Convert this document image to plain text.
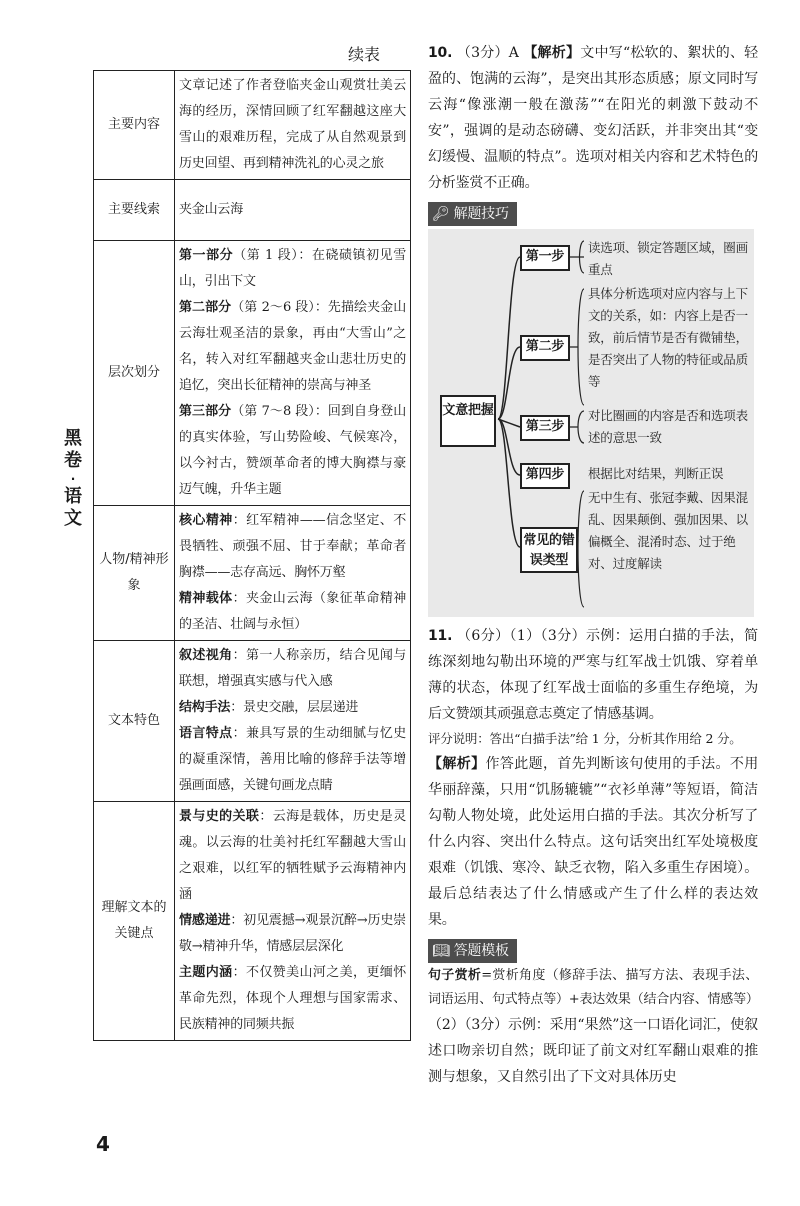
续表
黑
卷
·
语
文
主要内容	文章记述了作者登临夹金山观赏壮美云海的经历，深情回顾了红军翻越这座大雪山的艰难历程，完成了从自然观景到历史回望、再到精神洗礼的心灵之旅
主要线索	夹金山云海
层次划分	第一部分（第 1 段）：在硗碛镇初见雪山，引出下文
第二部分（第 2～6 段）：先描绘夹金山云海壮观圣洁的景象，再由“大雪山”之名，转入对红军翻越夹金山悲壮历史的追忆，突出长征精神的崇高与神圣
第三部分（第 7～8 段）：回到自身登山的真实体验，写山势险峻、气候寒冷，以今衬古，赞颂革命者的博大胸襟与豪迈气魄，升华主题

人物/精神形象	核心精神：红军精神——信念坚定、不畏牺牲、顽强不屈、甘于奉献；革命者胸襟——志存高远、胸怀万壑
精神载体：夹金山云海（象征革命精神的圣洁、壮阔与永恒）

文本特色	叙述视角：第一人称亲历，结合见闻与联想，增强真实感与代入感
结构手法：景史交融，层层递进
语言特点：兼具写景的生动细腻与忆史的凝重深情，善用比喻的修辞手法等增强画面感，关键句画龙点睛

理解文本的关键点	景与史的关联：云海是载体，历史是灵魂。以云海的壮美衬托红军翻越大雪山之艰难，以红军的牺牲赋予云海精神内涵
情感递进：初见震撼→观景沉醉→历史崇敬→精神升华，情感层层深化
主题内涵：不仅赞美山河之美，更缅怀革命先烈，体现个人理想与国家需求、民族精神的同频共振

10. （3分）A 【解析】文中写“松软的、絮状的、轻盈的、饱满的云海”，是突出其形态质感；原文同时写云海“像涨潮一般在激荡”“在阳光的刺激下鼓动不安”，强调的是动态磅礴、变幻活跃，并非突出其“变幻缓慢、温顺的特点”。选项对相关内容和艺术特色的分析鉴赏不正确。

🔑︎ 解题技巧
文意把握
第一步
读选项、锁定答题区域，圈画重点
第二步
具体分析选项对应内容与上下文的关系，如：内容上是否一致，前后情节是否有微铺垫，是否突出了人物的特征或品质等
第三步
对比圈画的内容是否和选项表述的意思一致
第四步	根据比对结果，判断正误
常见的错误类型
无中生有、张冠李戴、因果混乱、因果颠倒、强加因果、以偏概全、混淆时态、过于绝对、过度解读

11. （6分）（1）（3分）示例：运用白描的手法，简练深刻地勾勒出环境的严寒与红军战士饥饿、穿着单薄的状态，体现了红军战士面临的多重生存绝境，为后文赞颂其顽强意志奠定了情感基调。

评分说明：答出“白描手法”给 1 分，分析其作用给 2 分。

【解析】作答此题，首先判断该句使用的手法。不用华丽辞藻，只用“饥肠辘辘”“衣衫单薄”等短语，简洁勾勒人物处境，此处运用白描的手法。其次分析写了什么内容、突出什么特点。这句话突出红军处境极度艰难（饥饿、寒冷、缺乏衣物，陷入多重生存困境）。最后总结表达了什么情感或产生了什么样的表达效果。

📖︎ 答题模板

句子赏析=赏析角度（修辞手法、描写方法、表现手法、词语运用、句式特点等）+表达效果（结合内容、情感等）

（2）（3分）示例：采用“果然”这一口语化词汇，使叙述口吻亲切自然；既印证了前文对红军翻山艰难的推测与想象，又自然引出了下文对具体历史

4
